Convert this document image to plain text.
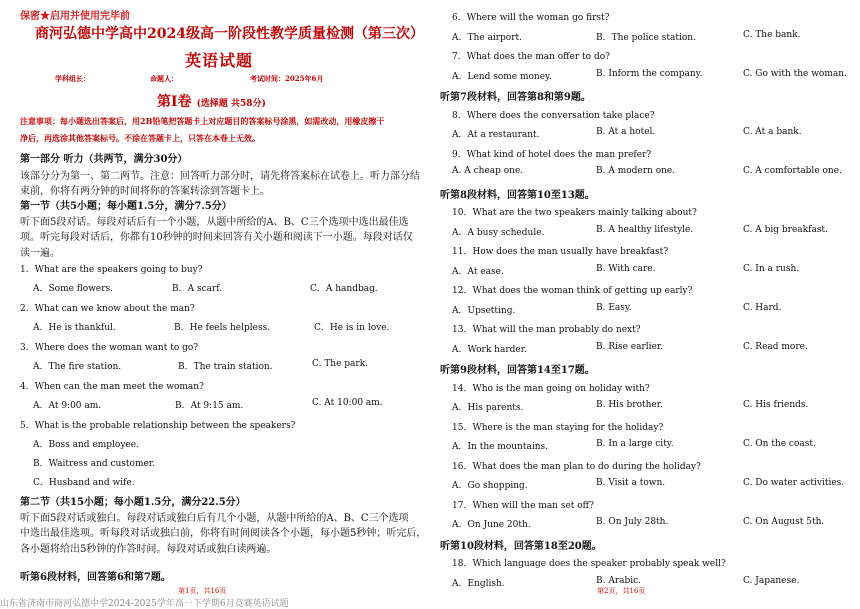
保密★启用并使用完毕前
商河弘德中学高中2024级高一阶段性教学质量检测（第三次）
英语试题
学科组长：	命题人：	考试时间：2025年6月
第Ⅰ卷 (选择题 共58分)
注意事项：每小题选出答案后，用2B铅笔把答题卡上对应题目的答案标号涂黑，如需改动，用橡皮擦干
净后，再选涂其他答案标号。不涂在答题卡上，只答在本卷上无效。
第一部分 听力（共两节，满分30分）
该部分分为第一、第二两节。注意：回答听力部分时，请先将答案标在试卷上。听力部分结
束前，你将有两分钟的时间将你的答案转涂到答题卡上。
第一节（共5小题；每小题1.5分，满分7.5分）
听下面5段对话。每段对话后有一个小题，从题中所给的A、B、C三个选项中选出最佳选
项。听完每段对话后，你都有10秒钟的时间来回答有关小题和阅读下一小题。每段对话仅
读一遍。
1．What are the speakers going to buy?
A．Some flowers.	B．A scarf.	C．A handbag.
2．What can we know about the man?
A．He is thankful.	B．He feels helpless.	C．He is in love.
3．Where does the woman want to go?
A．The fire station.	B．The train station.	C. The park.
4．When can the man meet the woman?
A．At 9:00 am.	B．At 9:15 am.	C. At 10:00 am.
5．What is the probable relationship between the speakers?
A．Boss and employee.
B．Waitress and customer.
C．Husband and wife.
第二节（共15小题；每小题1.5分，满分22.5分）
听下面5段对话或独白。每段对话或独白后有几个小题，从题中所给的A、B、C三个选项
中选出最佳选项。听每段对话或独白前，你将有时间阅读各个小题，每小题5秒钟；听完后，
各小题将给出5秒钟的作答时间。每段对话或独白读两遍。
听第6段材料，回答第6和第7题。
第1页，共16页
6．Where will the woman go first?
A．The airport.	B．The police station.	C. The bank.
7．What does the man offer to do?
A．Lend some money.	B. Inform the company.	C. Go with the woman.
听第7段材料，回答第8和第9题。
8．Where does the conversation take place?
A．At a restaurant.	B. At a hotel.	C. At a bank.
9．What kind of hotel does the man prefer?
A. A cheap one.	B. A modern one.	C. A comfortable one.
听第8段材料，回答第10至13题。
10．What are the two speakers mainly talking about?
A．A busy schedule.	B. A healthy lifestyle.	C. A big breakfast.
11．How does the man usually have breakfast?
A．At ease.	B. With care.	C. In a rush.
12．What does the woman think of getting up early?
A．Upsetting.	B. Easy.	C. Hard.
13．What will the man probably do next?
A．Work harder.	B. Rise earlier.	C. Read more.
听第9段材料，回答第14至17题。
14．Who is the man going on holiday with?
A．His parents.	B. His brother.	C. His friends.
15．Where is the man staying for the holiday?
A．In the mountains.	B. In a large city.	C. On the coast.
16．What does the man plan to do during the holiday?
A．Go shopping.	B. Visit a town.	C. Do water activities.
17．When will the man set off?
A．On June 20th.	B. On July 28th.	C. On August 5th.
听第10段材料，回答第18至20题。
18．Which language does the speaker probably speak well?
A．English.	B. Arabic.	C. Japanese.
第2页，共16页
山东省济南市商河弘德中学2024-2025学年高一下学期6月竞赛英语试题
